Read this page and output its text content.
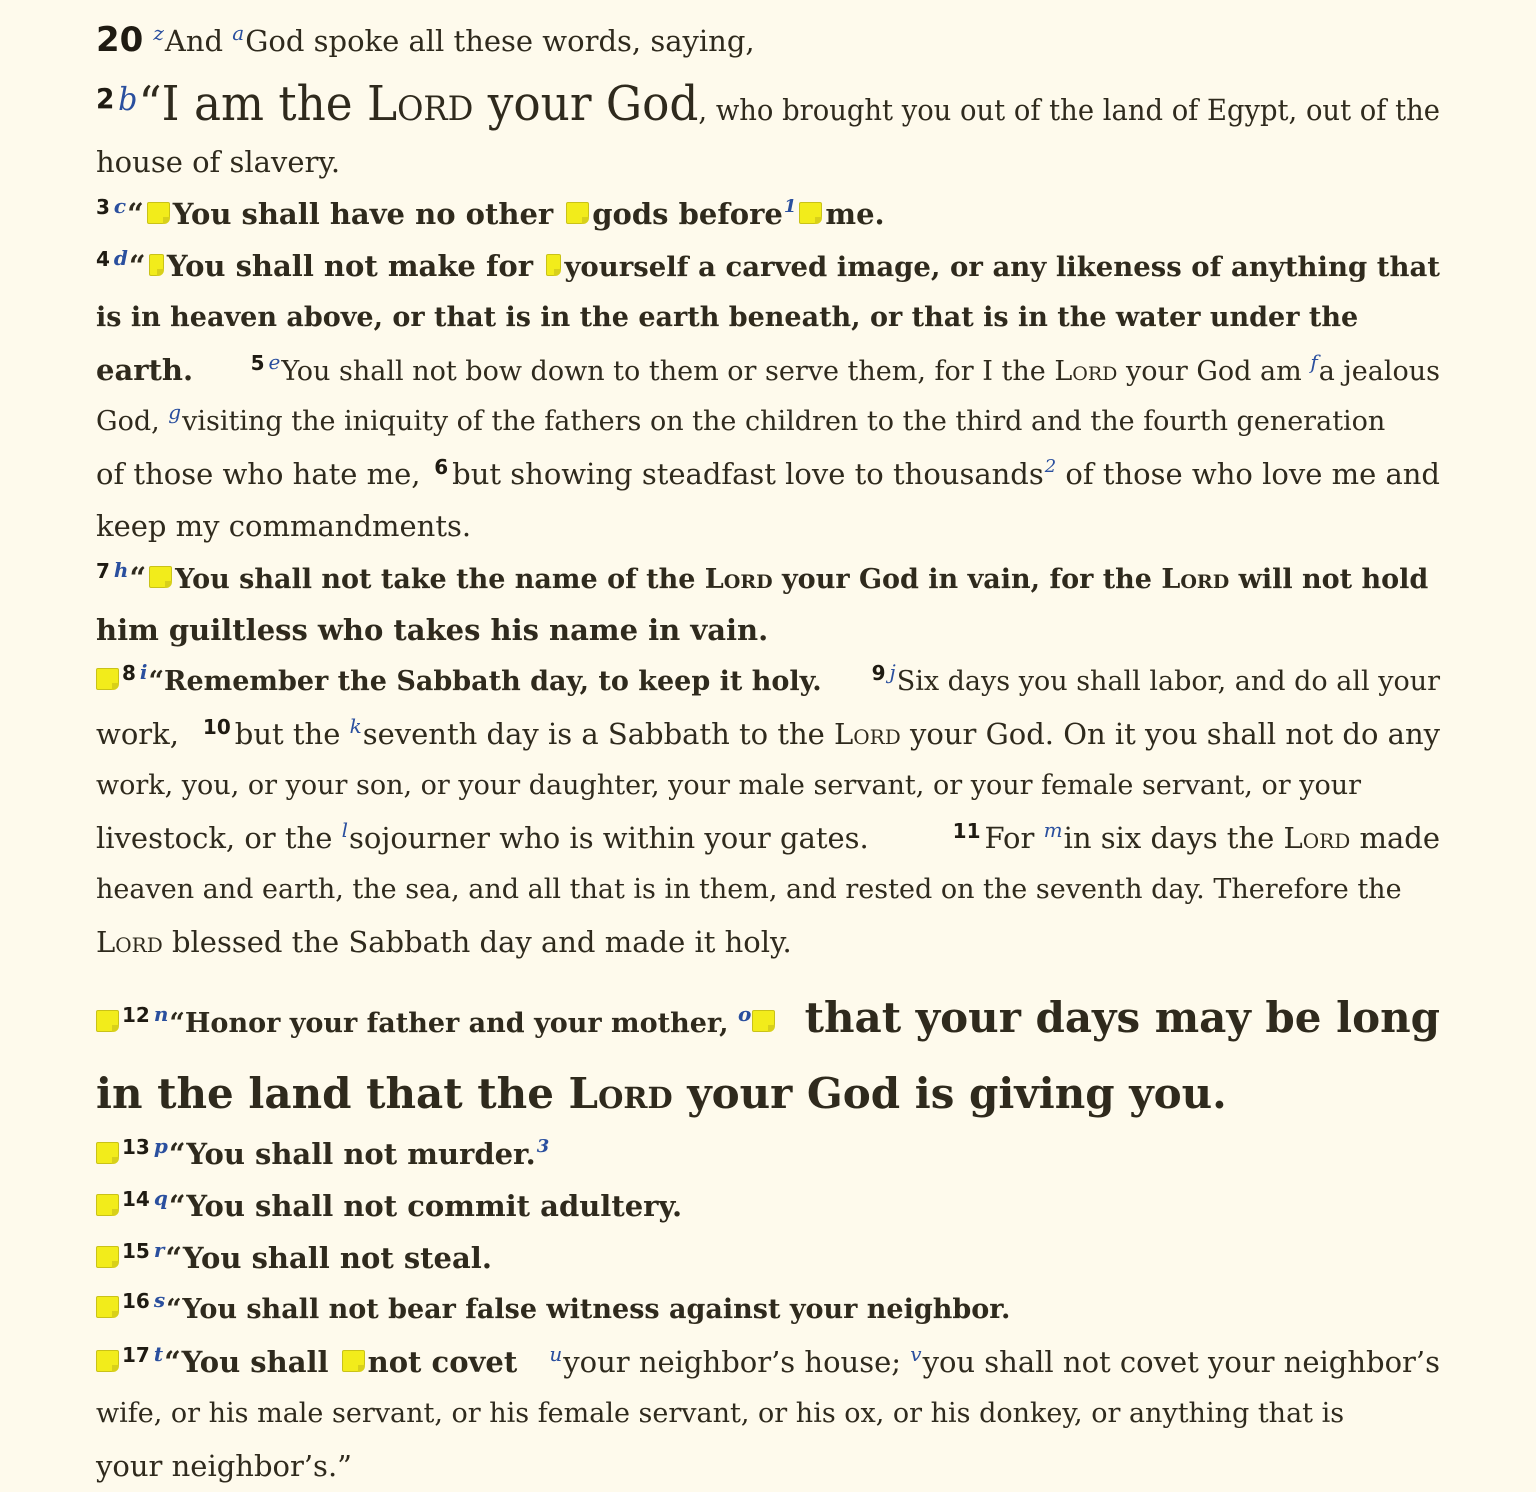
20 z And a God spoke all these words, saying,
2 b “I am the Lord your God , who brought you out of the land of Egypt, out of the
house of slavery.
3 c “ You shall have no other gods before 1 me.
4 d “ You shall not make for yourself a carved image, or any likeness of anything that
is in heaven above, or that is in the earth beneath, or that is in the water under the
earth. 5 e You shall not bow down to them or serve them, for I the Lord your God am f a jealous
God, g visiting the iniquity of the fathers on the children to the third and the fourth generation
of those who hate me, 6 but showing steadfast love to thousands 2 of those who love me and
keep my commandments.
7 h “ You shall not take the name of the Lord your God in vain, for the Lord will not hold
him guiltless who takes his name in vain.
8 i “Remember the Sabbath day, to keep it holy. 9 j Six days you shall labor, and do all your
work, 10 but the k seventh day is a Sabbath to the Lord your God. On it you shall not do any
work, you, or your son, or your daughter, your male servant, or your female servant, or your
livestock, or the l sojourner who is within your gates.	11 For m in six days the Lord made
heaven and earth, the sea, and all that is in them, and rested on the seventh day. Therefore the
Lord blessed the Sabbath day and made it holy.
12 n “Honor your father and your mother, o that your days may be long
in the land that the Lord your God is giving you.
13 p “You shall not murder. 3
14 q “You shall not commit adultery.
15 r “You shall not steal.
16 s “You shall not bear false witness against your neighbor.
17 t “You shall not covet u your neighbor’s house; v you shall not covet your neighbor’s
wife, or his male servant, or his female servant, or his ox, or his donkey, or anything that is
your neighbor’s.”
